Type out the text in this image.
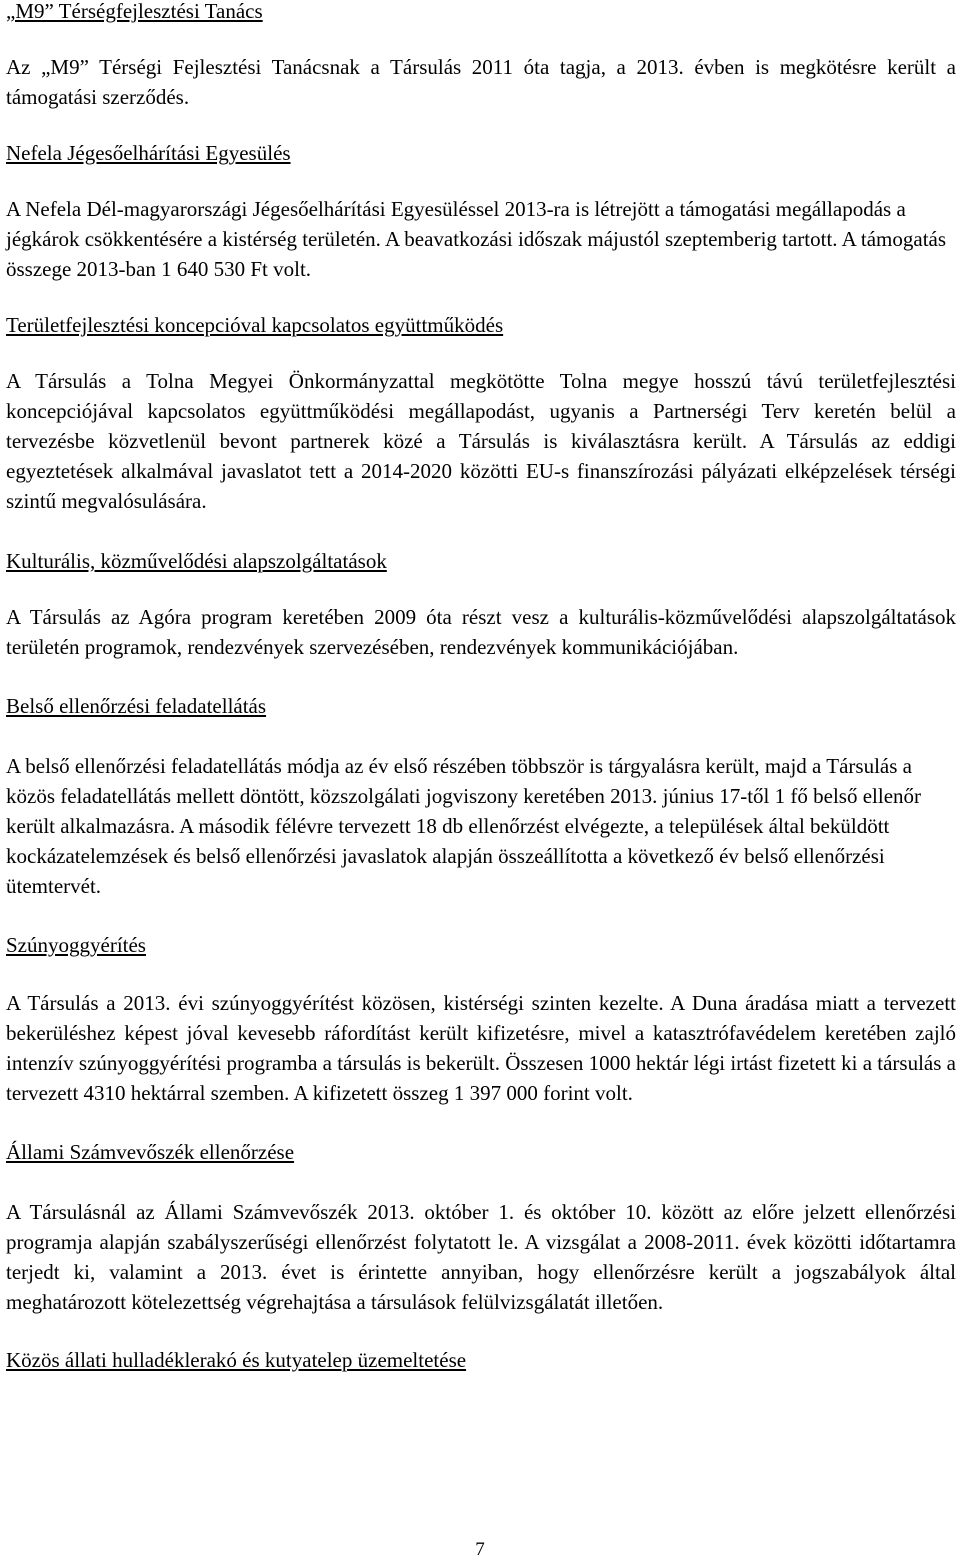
„M9” Térségfejlesztési Tanács

Az „M9” Térségi Fejlesztési Tanácsnak a Társulás 2011 óta tagja, a 2013. évben is megkötésre került a támogatási szerződés.

Nefela Jégesőelhárítási Egyesülés

A Nefela Dél-magyarországi Jégesőelhárítási Egyesüléssel 2013-ra is létrejött a támogatási megállapodás a jégkárok csökkentésére a kistérség területén. A beavatkozási időszak májustól szeptemberig tartott. A támogatás összege 2013-ban 1 640 530 Ft volt.

Területfejlesztési koncepcióval kapcsolatos együttműködés

A Társulás a Tolna Megyei Önkormányzattal megkötötte Tolna megye hosszú távú területfejlesztési koncepciójával kapcsolatos együttműködési megállapodást, ugyanis a Partnerségi Terv keretén belül a tervezésbe közvetlenül bevont partnerek közé a Társulás is kiválasztásra került. A Társulás az eddigi egyeztetések alkalmával javaslatot tett a 2014-2020 közötti EU-s finanszírozási pályázati elképzelések térségi szintű megvalósulására.

Kulturális, közművelődési alapszolgáltatások

A Társulás az Agóra program keretében 2009 óta részt vesz a kulturális-közművelődési alapszolgáltatások területén programok, rendezvények szervezésében, rendezvények kommunikációjában.

Belső ellenőrzési feladatellátás

A belső ellenőrzési feladatellátás módja az év első részében többször is tárgyalásra került, majd a Társulás a közös feladatellátás mellett döntött, közszolgálati jogviszony keretében 2013. június 17-től 1 fő belső ellenőr került alkalmazásra. A második félévre tervezett 18 db ellenőrzést elvégezte, a települések által beküldött kockázatelemzések és belső ellenőrzési javaslatok alapján összeállította a következő év belső ellenőrzési ütemtervét.

Szúnyoggyérítés

A Társulás a 2013. évi szúnyoggyérítést közösen, kistérségi szinten kezelte. A Duna áradása miatt a tervezett bekerüléshez képest jóval kevesebb ráfordítást került kifizetésre, mivel a katasztrófavédelem keretében zajló intenzív szúnyoggyérítési programba a társulás is bekerült. Összesen 1000 hektár légi irtást fizetett ki a társulás a tervezett 4310 hektárral szemben. A kifizetett összeg 1 397 000 forint volt.

Állami Számvevőszék ellenőrzése

A Társulásnál az Állami Számvevőszék 2013. október 1. és október 10. között az előre jelzett ellenőrzési programja alapján szabályszerűségi ellenőrzést folytatott le. A vizsgálat a 2008-2011. évek közötti időtartamra terjedt ki, valamint a 2013. évet is érintette annyiban, hogy ellenőrzésre került a jogszabályok által meghatározott kötelezettség végrehajtása a társulások felülvizsgálatát illetően.

Közös állati hulladéklerakó és kutyatelep üzemeltetése

7
